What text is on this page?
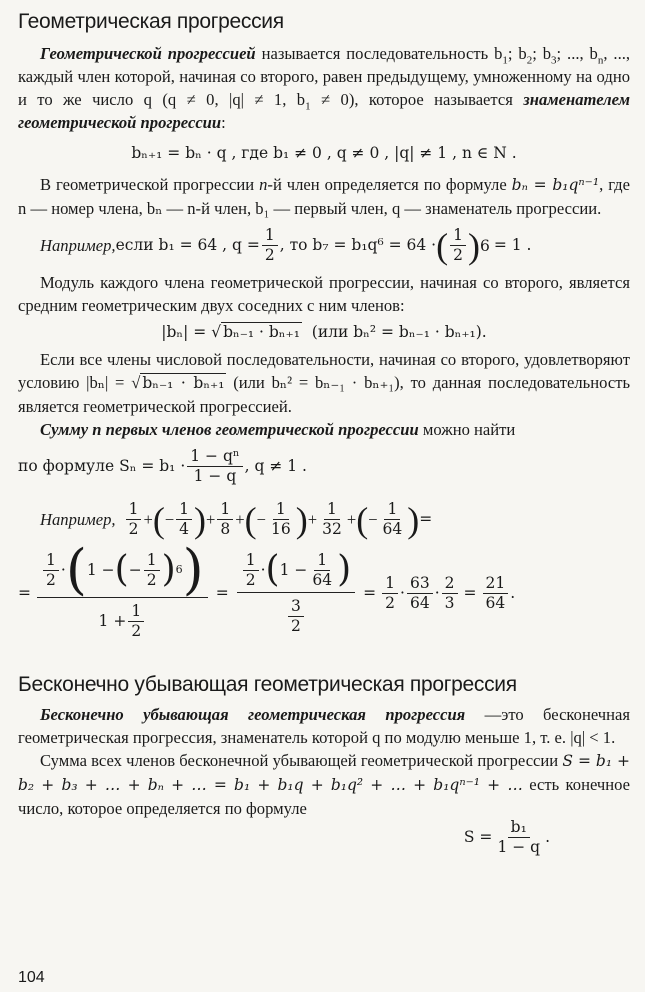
Геометрическая прогрессия

Геометрической прогрессией называется последовательность $b_1$; $b_2$; $b_3$; ..., $b_n$, ..., каждый член которой, начиная со второго, равен предыдущему, умноженному на одно и то же число q (q ≠ 0, |q| ≠ 1, $b_1 \ne 0$), которое называется знаменателем геометрической прогрессии:

bₙ₊₁ = bₙ · q , где b₁ ≠ 0 , q ≠ 0 , |q| ≠ 1 , n ∈ N .

В геометрической прогрессии n-й член определяется по формуле bₙ = b₁qⁿ⁻¹, где n — номер члена, bₙ — n-й член, b₁ — первый член, q — знаменатель прогрессии.

Например, если b₁ = 64 , $q = \frac{1}{2}$ , то b₇ = b₁q⁶ = 64 · ( 1
2 ) 6 = 1 .

Модуль каждого члена геометрической прогрессии, начиная со второго, является средним геометрическим двух соседних с ним членов:

|bₙ| = √ bₙ₋₁ · bₙ₊₁ (или bₙ² = bₙ₋₁ · bₙ₊₁).

Если все члены числовой последовательности, начиная со второго, удовлетворяют условию |bₙ| = √ bₙ₋₁ · bₙ₊₁ (или bₙ² = bₙ₋₁ · bₙ₊₁), то данная последовательность является геометрической прогрессией.

Сумму n первых членов геометрической прогрессии можно найти

по формуле Sₙ = b₁ ·
1 − qⁿ
1 − q
, q ≠ 1 .
Например,
1
2 + ( −
1
4 ) +
1
8 + ( −
1
16 ) +
1
32 + ( −
1
64 ) =
= 1
2
· ( 1 − ( −
1
2 ) 6 )
$1 + \frac{1}{2} = 1$
2
· ( $1 - \frac{1}{64}$ )
3
$2 = \frac{1}{2}$ ·
63
64
· $\frac{2}{3} = \frac{21}{64}$ .
Бесконечно убывающая геометрическая прогрессия

Бесконечно убывающая геометрическая прогрессия —это бесконечная геометрическая прогрессия, знаменатель которой q по модулю меньше 1, т. е. |q| < 1.

Сумма всех членов бесконечной убывающей геометрической прогрессии S = b₁ + b₂ + b₃ + … + bₙ + … = b₁ + b₁q + b₁q² + … + b₁qⁿ⁻¹ + … есть конечное число, которое определяется по формуле

$S = \frac{\text{b₁}}{1 - q}$ .
104
